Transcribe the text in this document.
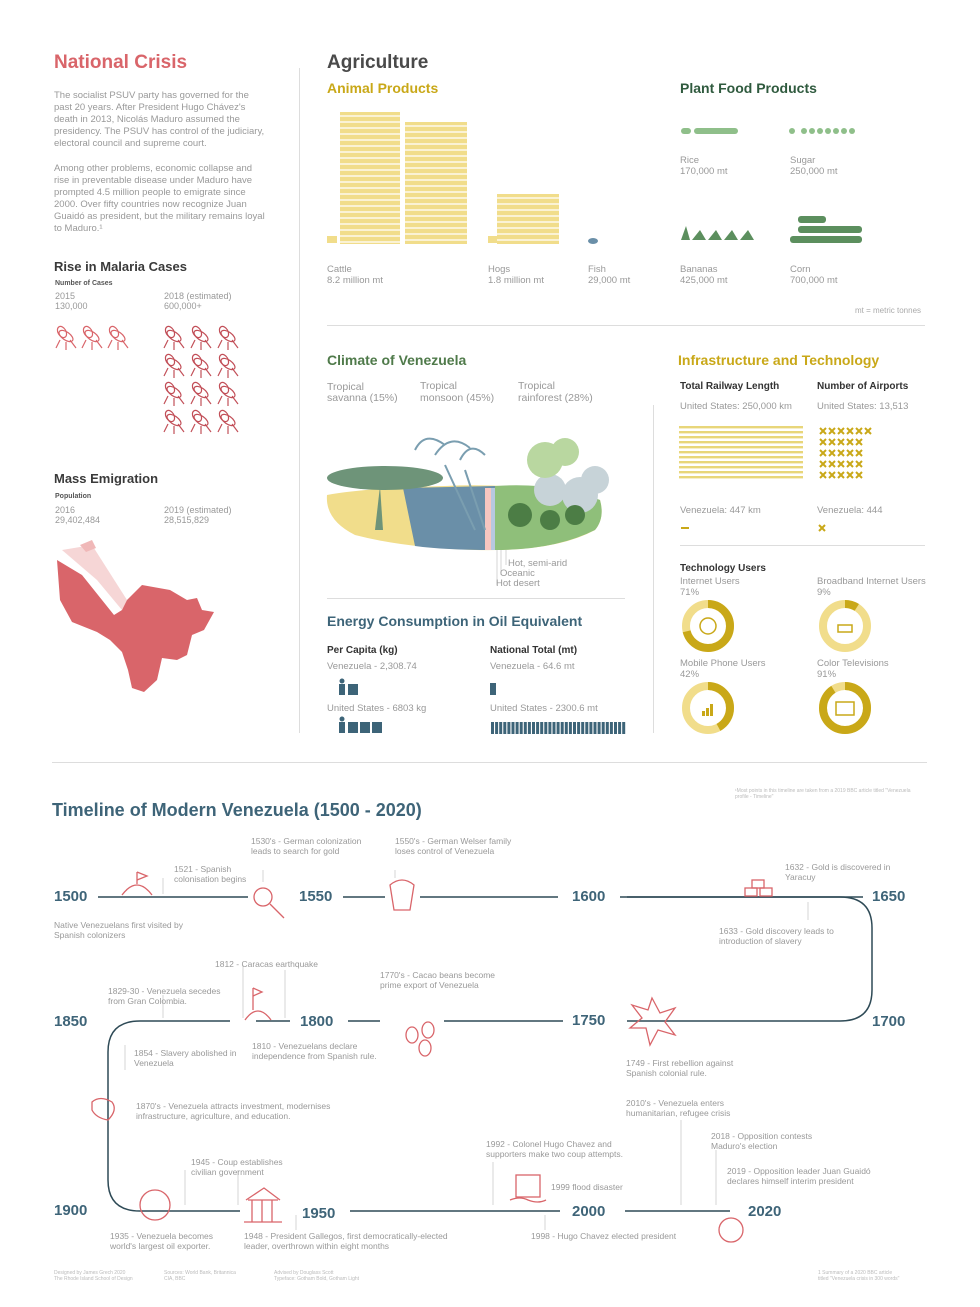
National Crisis
The socialist PSUV party has governed for the past 20 years. After President Hugo Chávez's death in 2013, Nicolás Maduro assumed the presidency. The PSUV has control of the judiciary, electoral council and supreme court.
Among other problems, economic collapse and rise in preventable disease under Maduro have prompted 4.5 million people to emigrate since 2000. Over fifty countries now recognize Juan Guaidó as president, but the military remains loyal to Maduro.¹
Rise in Malaria Cases
Number of Cases
2015
130,000
2018 (estimated)
600,000+
Mass Emigration
Population
2016
29,402,484
2019 (estimated)
28,515,829
Agriculture
Animal Products	Plant Food Products
Cattle
8.2 million mt
Hogs
1.8 million mt
Fish
29,000 mt
Rice
170,000 mt
Sugar
250,000 mt
Bananas
425,000 mt
Corn
700,000 mt
mt = metric tonnes
Climate of Venezuela
Tropical
savanna (15%)
Tropical
monsoon (45%)
Tropical
rainforest (28%)
Hot, semi-arid
Oceanic
Hot desert
Energy Consumption in Oil Equivalent
Per Capita (kg)	National Total (mt)
Venezuela - 2,308.74	Venezuela - 64.6 mt
United States - 6803 kg	United States - 2300.6 mt
Infrastructure and Technology
Total Railway Length	Number of Airports
United States: 250,000 km	United States: 13,513
Venezuela: 447 km	Venezuela: 444
Technology Users
Internet Users
71%
Broadband Internet Users
9%
Mobile Phone Users
42%
Color Televisions
91%
Timeline of Modern Venezuela (1500 - 2020)
¹Most points in this timeline are taken from a 2019 BBC article titled "Venezuela profile - Timeline"
1500	1550	1600	1650
1700
1750
1800
1850
1900	1950	2000	2020
Native Venezuelans first visited by Spanish colonizers
1521 - Spanish colonisation begins
1530's - German colonization leads to search for gold
1550's - German Welser family loses control of Venezuela
1632 - Gold is discovered in Yaracuy
1633 - Gold discovery leads to introduction of slavery
1749 - First rebellion against Spanish colonial rule.
1770's - Cacao beans become prime export of Venezuela
1812 - Caracas earthquake
1810 - Venezuelans declare independence from Spanish rule.
1829-30 - Venezuela secedes from Gran Colombia.
1854 - Slavery abolished in Venezuela
1870's - Venezuela attracts investment, modernises infrastructure, agriculture, and education.
1935 - Venezuela becomes world's largest oil exporter.
1945 - Coup establishes civilian government
1948 - President Gallegos, first democratically-elected leader, overthrown within eight months
1992 - Colonel Hugo Chavez and supporters make two coup attempts.
1999 flood disaster
1998 - Hugo Chavez elected president
2010's - Venezuela enters humanitarian, refugee crisis
2018 - Opposition contests Maduro's election
2019 - Opposition leader Juan Guaidó declares himself interim president
Designed by James Grech 2020
The Rhode Island School of Design
Sources: World Bank, Britannica
CIA, BBC
Advised by Douglass Scott
Typeface: Gotham Bold, Gotham Light
1 Summary of a 2020 BBC article
titled "Venezuela crisis in 300 words"
